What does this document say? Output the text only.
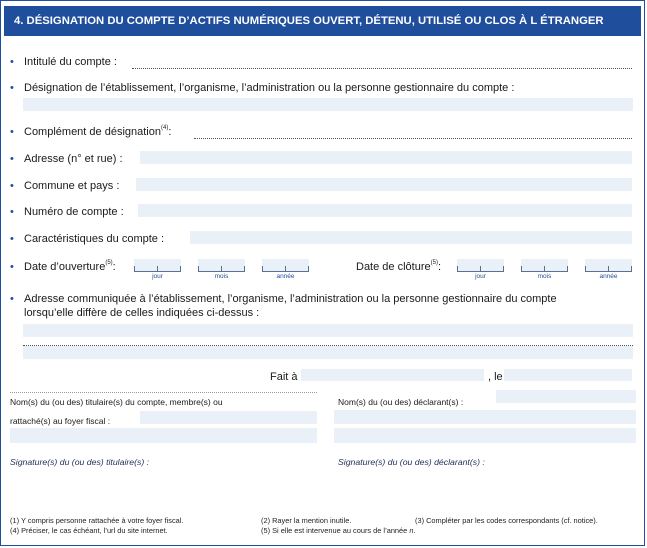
4. DÉSIGNATION DU COMPTE D’ACTIFS NUMÉRIQUES OUVERT, DÉTENU, UTILISÉ OU CLOS À L ÉTRANGER
• Intitulé du compte :
• Désignation de l’établissement, l’organisme, l’administration ou la personne gestionnaire du compte :
• Complément de désignation$^{(4)}$:
• Adresse (n° et rue) :
• Commune et pays :
• Numéro de compte :
• Caractéristiques du compte :
• Date d’ouverture$^{(5)}$:
jour	mois	année
Date de clôture$^{(5)}$:
jour	mois	année
• Adresse communiquée à l’établissement, l’organisme, l’administration ou la personne gestionnaire du compte
lorsqu’elle diffère de celles indiquées ci-dessus :
Fait à	, le
Nom(s) du (ou des) titulaire(s) du compte, membre(s) ou
rattaché(s) au foyer fiscal :
Nom(s) du (ou des) déclarant(s) :
Signature(s) du (ou des) titulaire(s) :	Signature(s) du (ou des) déclarant(s) :
(1) Y compris personne rattachée à votre foyer fiscal.	(2) Rayer la mention inutile.	(3) Compléter par les codes correspondants (cf. notice).
(4) Préciser, le cas échéant, l’url du site internet.	(5) Si elle est intervenue au cours de l’année n.
